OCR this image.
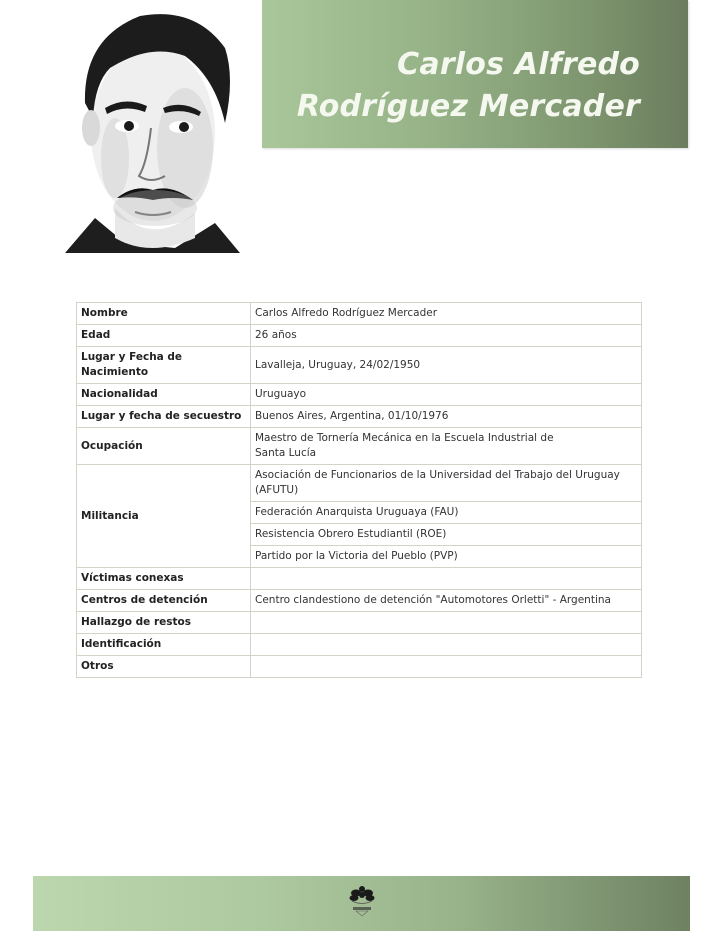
Carlos Alfredo
Rodríguez Mercader
Nombre	Carlos Alfredo Rodríguez Mercader
Edad	26 años
Lugar y Fecha de Nacimiento	Lavalleja, Uruguay, 24/02/1950
Nacionalidad	Uruguayo
Lugar y fecha de secuestro	Buenos Aires, Argentina, 01/10/1976
Ocupación	Maestro de Tornería Mecánica en la Escuela Industrial de Santa Lucía
Militancia	Asociación de Funcionarios de la Universidad del Trabajo del Uruguay (AFUTU)
	Federación Anarquista Uruguaya (FAU)
	Resistencia Obrero Estudiantil (ROE)
	Partido por la Victoria del Pueblo (PVP)
Víctimas conexas	
Centros de detención	Centro clandestiono de detención "Automotores Orletti" - Argentina
Hallazgo de restos	
Identificación	
Otros	
